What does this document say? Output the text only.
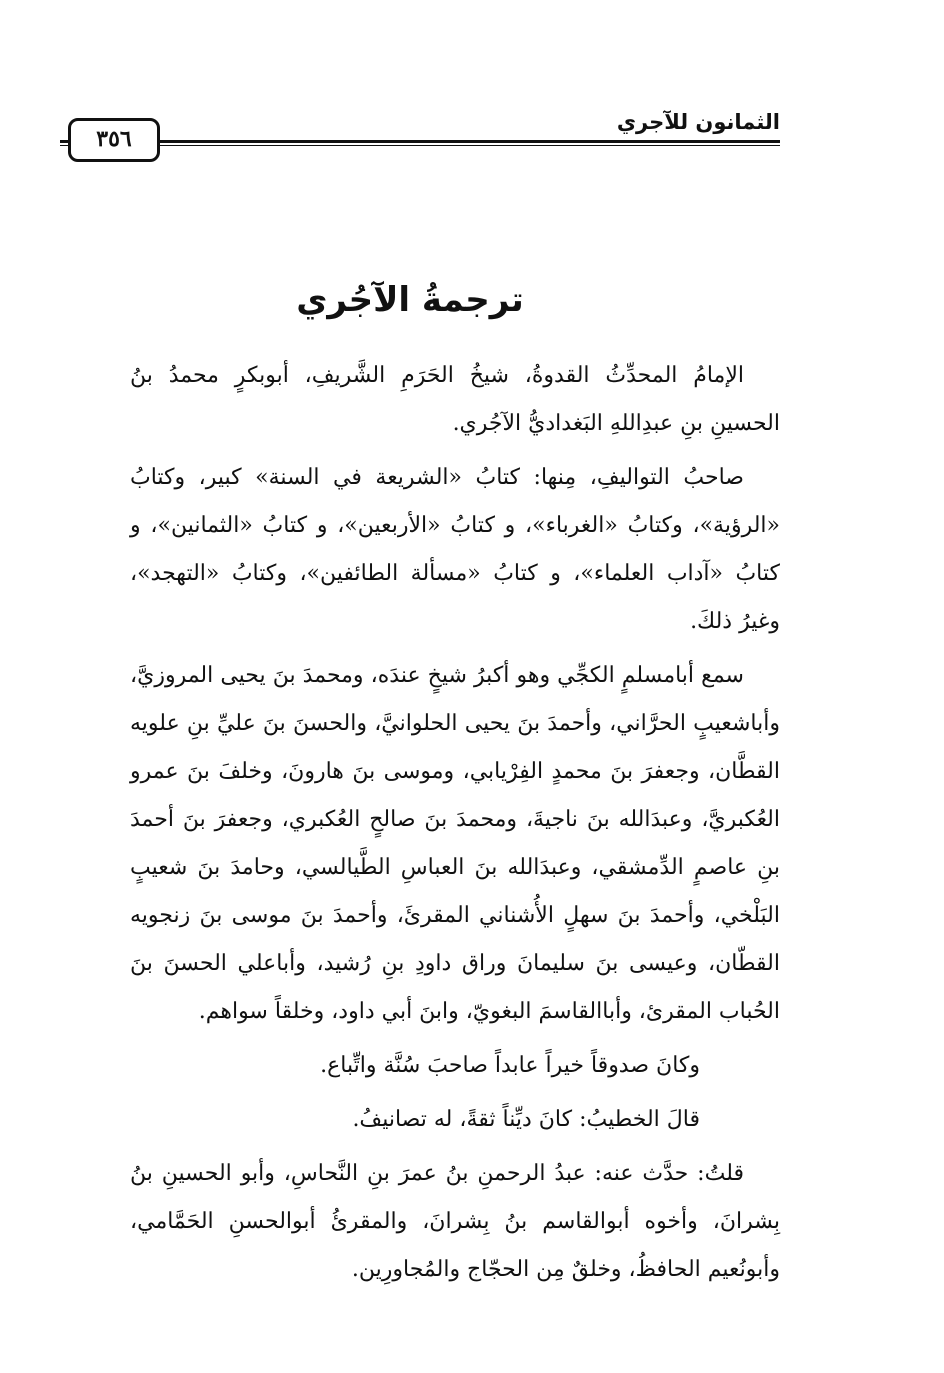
الثمانون للآجري
٣٥٦
ترجمةُ الآجُري

الإمامُ المحدِّثُ القدوةُ، شيخُ الحَرَمِ الشَّريفِ، أبوبكرٍ محمدُ بنُ الحسينِ بنِ عبدِاللهِ البَغداديُّ الآجُري.

صاحبُ التواليفِ، مِنها: كتابُ «الشريعة في السنة» كبير، وكتابُ «الرؤية»، وكتابُ «الغرباء»، و كتابُ «الأربعين»، و كتابُ «الثمانين»، و كتابُ «آداب العلماء»، و كتابُ «مسألة الطائفين»، وكتابُ «التهجد»، وغيرُ ذلكَ.

سمع أبامسلمٍ الكجِّي وهو أكبرُ شيخٍ عندَه، ومحمدَ بنَ يحيى المروزيَّ، وأباشعيبٍ الحرَّاني، وأحمدَ بنَ يحيى الحلوانيَّ، والحسنَ بنَ عليِّ بنِ علويه القطَّان، وجعفرَ بنَ محمدٍ الفِرْيابي، وموسى بنَ هارونَ، وخلفَ بنَ عمرو العُكبريَّ، وعبدَالله بنَ ناجيةَ، ومحمدَ بنَ صالحٍ العُكبري، وجعفرَ بنَ أحمدَ بنِ عاصمٍ الدِّمشقي، وعبدَالله بنَ العباسِ الطَّيالسي، وحامدَ بنَ شعيبٍ البَلْخي، وأحمدَ بنَ سهلٍ الأُشناني المقرئَ، وأحمدَ بنَ موسى بنَ زنجويه القطّان، وعيسى بنَ سليمانَ وراق داودِ بنِ رُشيد، وأباعلي الحسنَ بنَ الحُباب المقرئ، وأباالقاسمَ البغويّ، وابنَ أبي داود، وخلقاً سواهم.

وكانَ صدوقاً خيراً عابداً صاحبَ سُنَّة واتِّباع.

قالَ الخطيبُ: كانَ ديِّناً ثقةً، له تصانيفُ.

قلتُ: حدَّث عنه: عبدُ الرحمنِ بنُ عمرَ بنِ النَّحاسِ، وأبو الحسينِ بنُ بِشرانَ، وأخوه أبوالقاسم بنُ بِشرانَ، والمقرئُ أبوالحسنِ الحَمَّامي، وأبونُعيم الحافظُ، وخلقٌ مِن الحجّاج والمُجاورِين.
